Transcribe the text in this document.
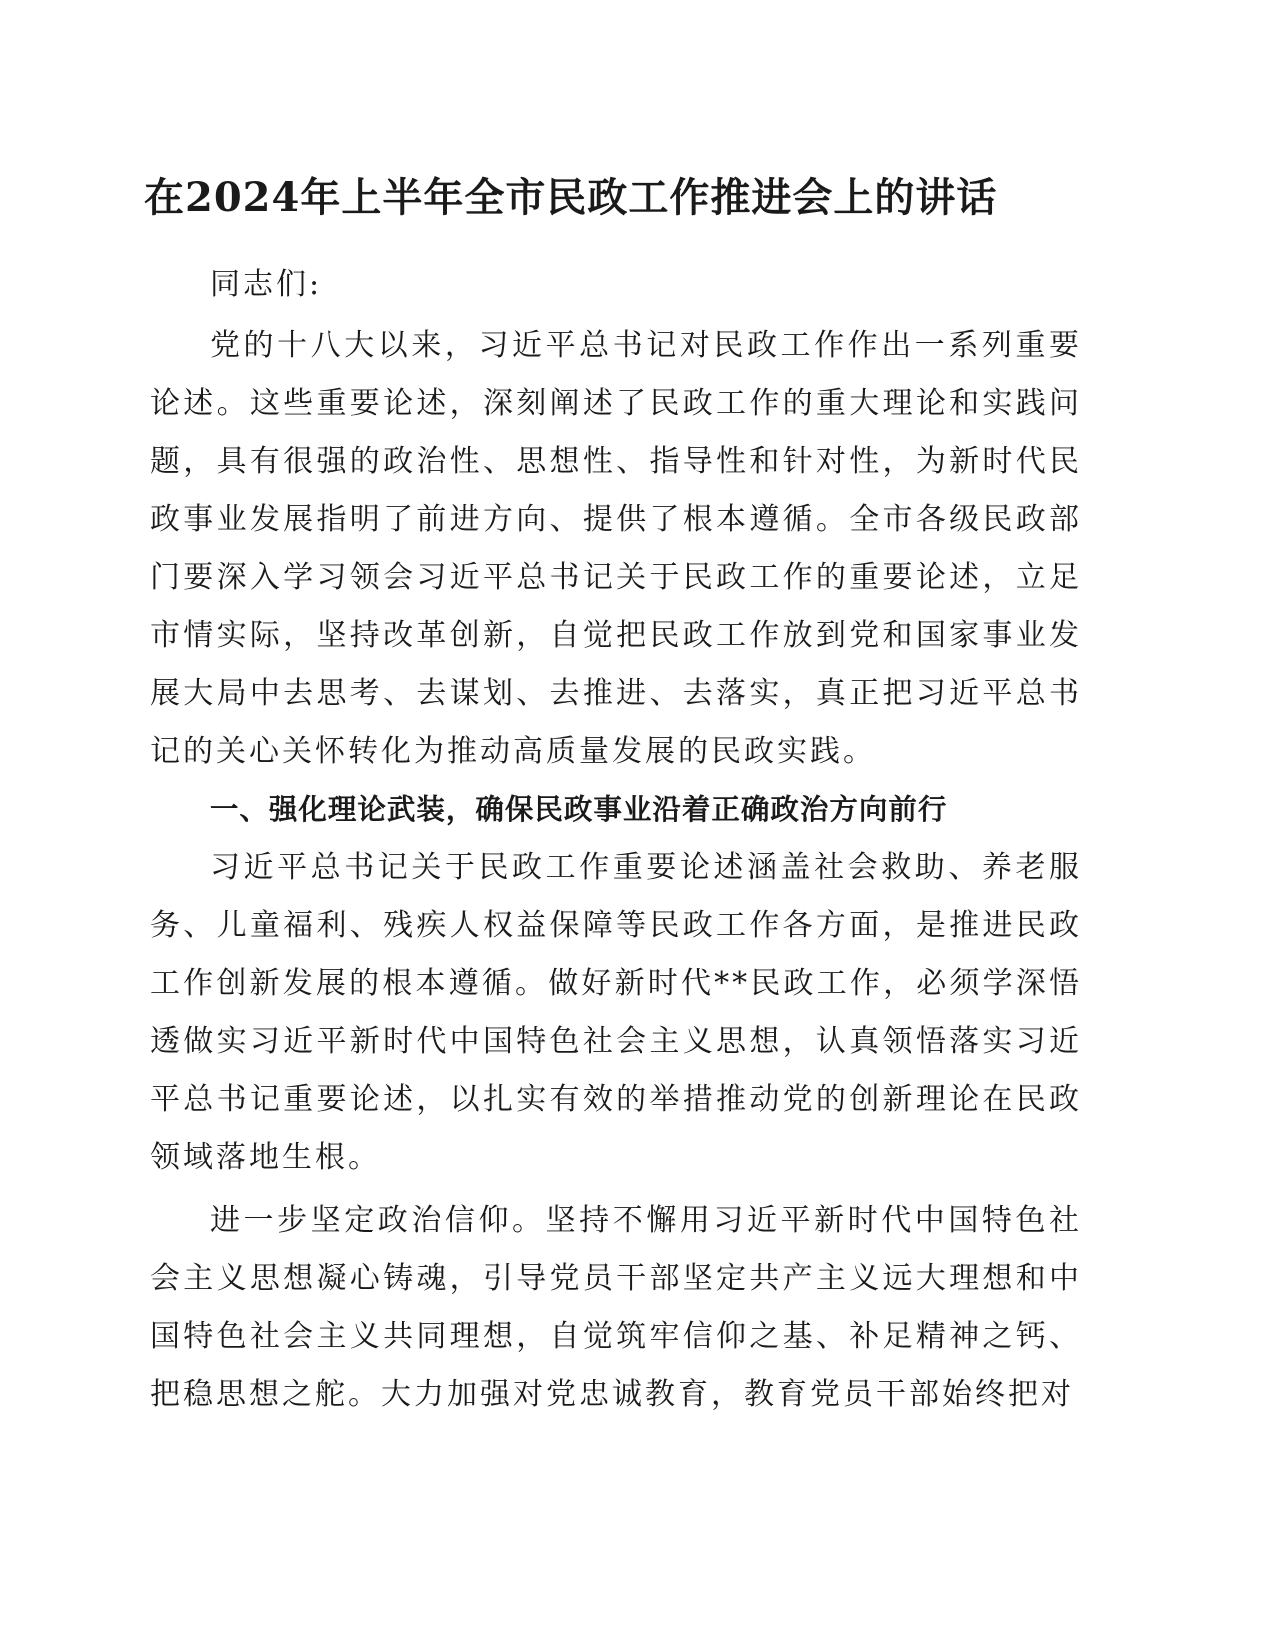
在2024年上半年全市民政工作推进会上的讲话

同志们:

党的十八大以来，习近平总书记对民政工作作出一系列重要论述。这些重要论述，深刻阐述了民政工作的重大理论和实践问题，具有很强的政治性、思想性、指导性和针对性，为新时代民政事业发展指明了前进方向、提供了根本遵循。全市各级民政部门要深入学习领会习近平总书记关于民政工作的重要论述，立足市情实际，坚持改革创新，自觉把民政工作放到党和国家事业发展大局中去思考、去谋划、去推进、去落实，真正把习近平总书记的关心关怀转化为推动高质量发展的民政实践。

一、强化理论武装，确保民政事业沿着正确政治方向前行

习近平总书记关于民政工作重要论述涵盖社会救助、养老服务、儿童福利、残疾人权益保障等民政工作各方面，是推进民政工作创新发展的根本遵循。做好新时代**民政工作，必须学深悟透做实习近平新时代中国特色社会主义思想，认真领悟落实习近平总书记重要论述，以扎实有效的举措推动党的创新理论在民政领域落地生根。

进一步坚定政治信仰。坚持不懈用习近平新时代中国特色社会主义思想凝心铸魂，引导党员干部坚定共产主义远大理想和中国特色社会主义共同理想，自觉筑牢信仰之基、补足精神之钙、把稳思想之舵。大力加强对党忠诚教育，教育党员干部始终把对
